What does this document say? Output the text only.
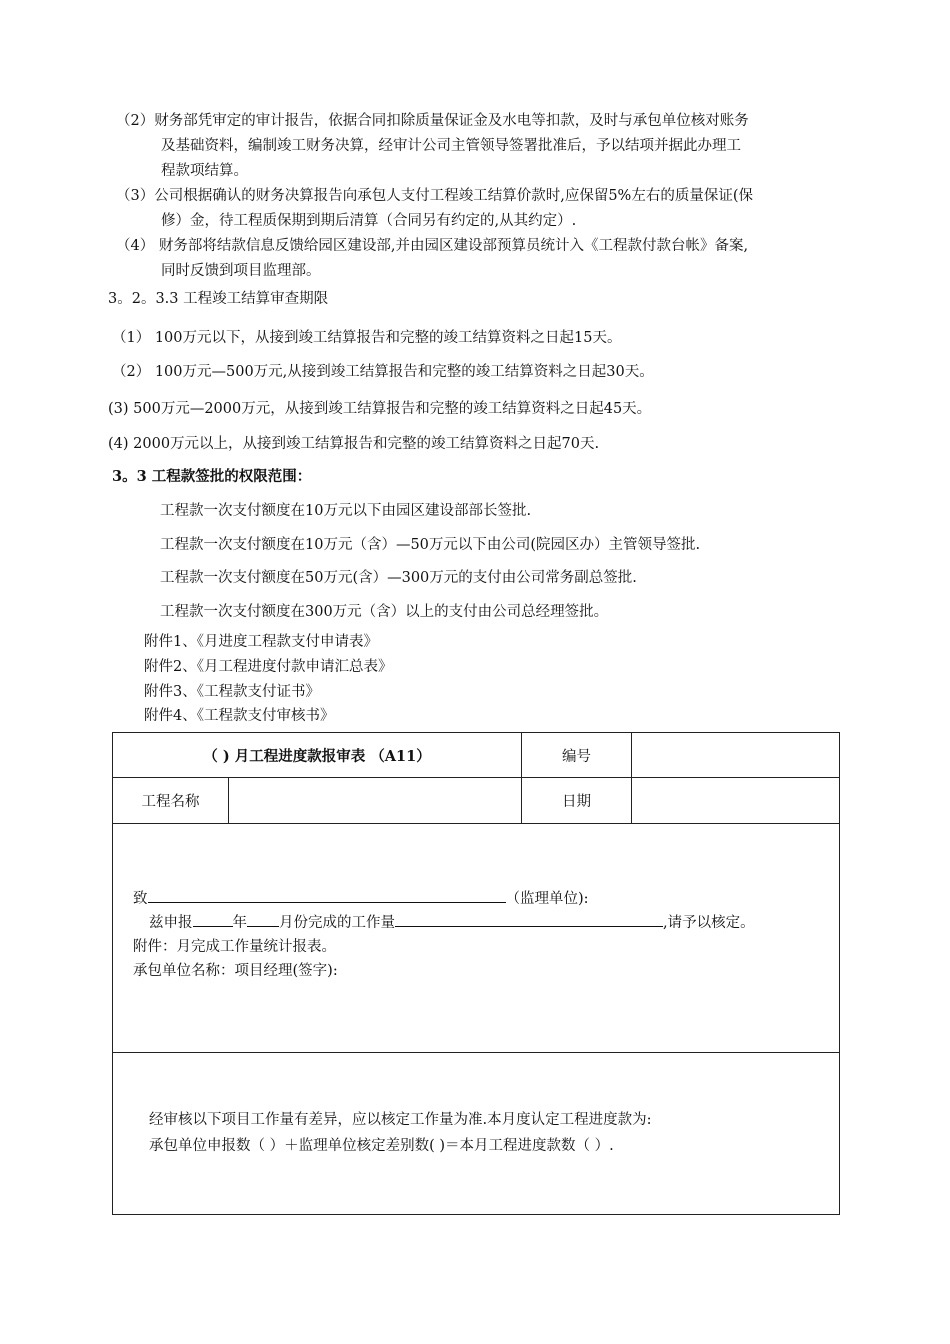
（2）财务部凭审定的审计报告，依据合同扣除质量保证金及水电等扣款，及时与承包单位核对账务
及基础资料，编制竣工财务决算，经审计公司主管领导签署批准后，予以结项并据此办理工
程款项结算。
（3）公司根据确认的财务决算报告向承包人支付工程竣工结算价款时,应保留5%左右的质量保证(保
修）金，待工程质保期到期后清算（合同另有约定的,从其约定）.
（4） 财务部将结款信息反馈给园区建设部,并由园区建设部预算员统计入《工程款付款台帐》备案,
同时反馈到项目监理部。
3。2。3.3 工程竣工结算审查期限
（1） 100万元以下，从接到竣工结算报告和完整的竣工结算资料之日起15天。
（2） 100万元—500万元,从接到竣工结算报告和完整的竣工结算资料之日起30天。
(3) 500万元—2000万元，从接到竣工结算报告和完整的竣工结算资料之日起45天。
(4) 2000万元以上，从接到竣工结算报告和完整的竣工结算资料之日起70天.
3。3 工程款签批的权限范围：
工程款一次支付额度在10万元以下由园区建设部部长签批.
工程款一次支付额度在10万元（含）—50万元以下由公司(院园区办）主管领导签批.
工程款一次支付额度在50万元(含）—300万元的支付由公司常务副总签批.
工程款一次支付额度在300万元（含）以上的支付由公司总经理签批。
附件1、《月进度工程款支付申请表》
附件2、《月工程进度付款申请汇总表》
附件3、《工程款支付证书》
附件4、《工程款支付审核书》
（ ) 月工程进度款报审表 （A11）		编号	
工程名称		日期	

致 （监理单位):
兹申报 年 月份完成的工作量 ,请予以核定。
附件：月完成工作量统计报表。
承包单位名称：项目经理(签字):			

经审核以下项目工作量有差异，应以核定工作量为准.本月度认定工程进度款为:
承包单位申报数（ ）＋监理单位核定差别数( )＝本月工程进度款数（ ）.			
